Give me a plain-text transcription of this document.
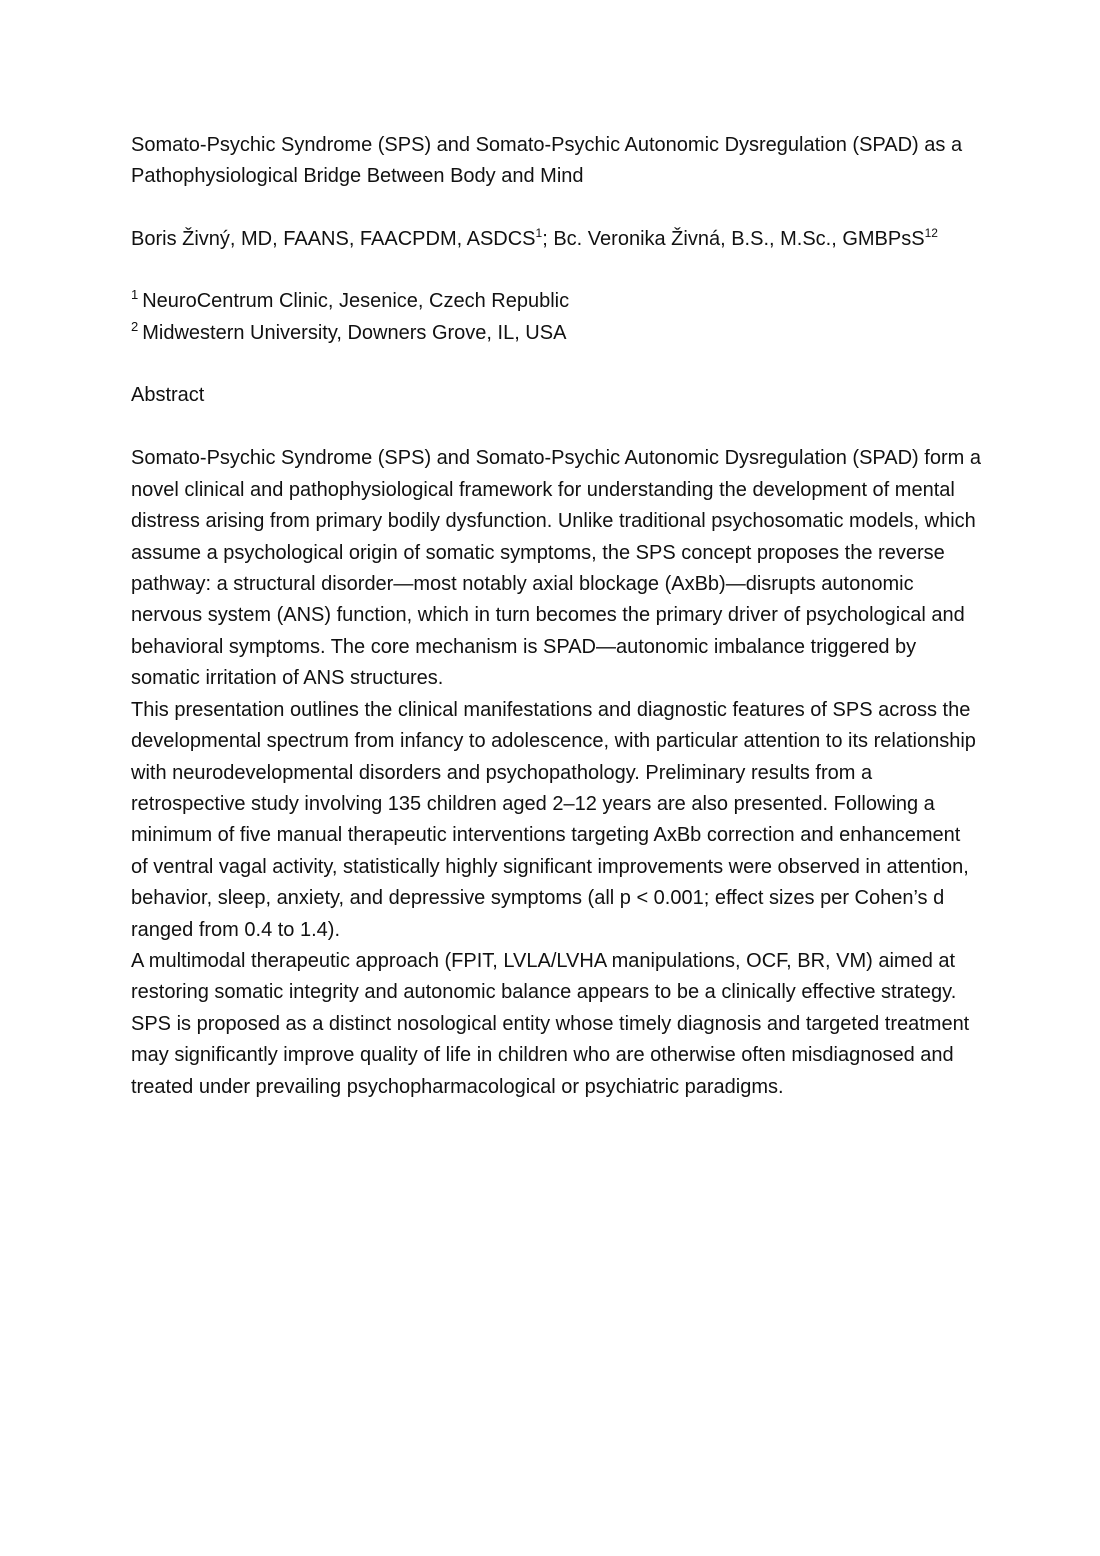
Somato-Psychic Syndrome (SPS) and Somato-Psychic Autonomic Dysregulation (SPAD) as a Pathophysiological Bridge Between Body and Mind

Boris Živný, MD, FAANS, FAACPDM, ASDCS$^1$; Bc. Veronika Živná, B.S., M.Sc., GMBPsS$^{12}$

$^1$ NeuroCentrum Clinic, Jesenice, Czech Republic

$^2$ Midwestern University, Downers Grove, IL, USA

Abstract

Somato-Psychic Syndrome (SPS) and Somato-Psychic Autonomic Dysregulation (SPAD) form a novel clinical and pathophysiological framework for understanding the development of mental distress arising from primary bodily dysfunction. Unlike traditional psychosomatic models, which assume a psychological origin of somatic symptoms, the SPS concept proposes the reverse pathway: a structural disorder—most notably axial blockage (AxBb)—disrupts autonomic nervous system (ANS) function, which in turn becomes the primary driver of psychological and behavioral symptoms. The core mechanism is SPAD—autonomic imbalance triggered by somatic irritation of ANS structures.

This presentation outlines the clinical manifestations and diagnostic features of SPS across the developmental spectrum from infancy to adolescence, with particular attention to its relationship with neurodevelopmental disorders and psychopathology. Preliminary results from a retrospective study involving 135 children aged 2–12 years are also presented. Following a minimum of five manual therapeutic interventions targeting AxBb correction and enhancement of ventral vagal activity, statistically highly significant improvements were observed in attention, behavior, sleep, anxiety, and depressive symptoms (all p < 0.001; effect sizes per Cohen’s d ranged from 0.4 to 1.4).

A multimodal therapeutic approach (FPIT, LVLA/LVHA manipulations, OCF, BR, VM) aimed at restoring somatic integrity and autonomic balance appears to be a clinically effective strategy. SPS is proposed as a distinct nosological entity whose timely diagnosis and targeted treatment may significantly improve quality of life in children who are otherwise often misdiagnosed and treated under prevailing psychopharmacological or psychiatric paradigms.
